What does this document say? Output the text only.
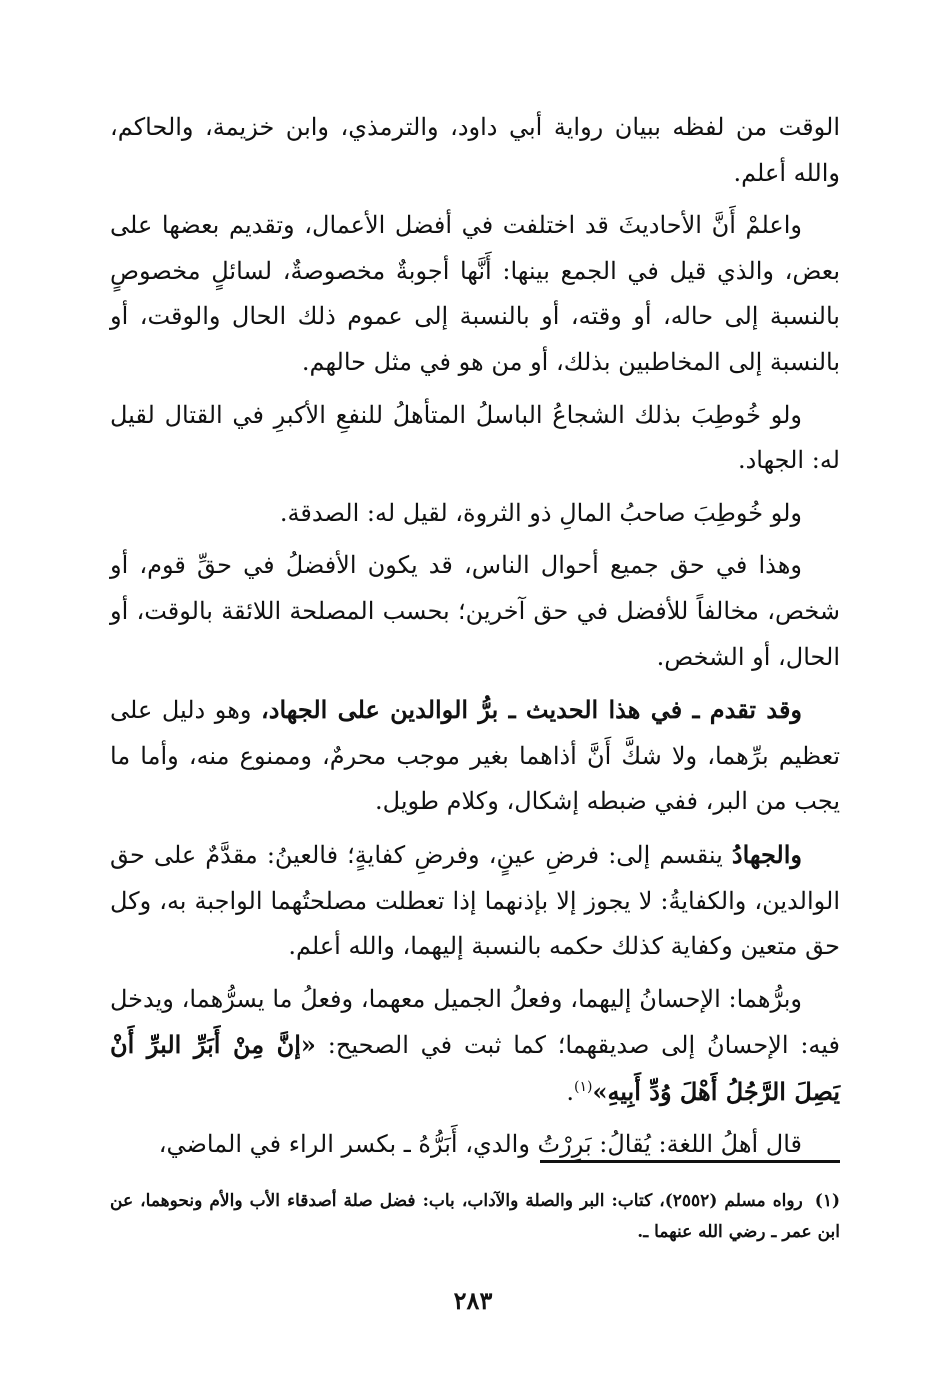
الوقت من لفظه ببيان رواية أبي داود، والترمذي، وابن خزيمة، والحاكم، والله أعلم.

واعلمْ أَنَّ الأحاديثَ قد اختلفت في أفضل الأعمال، وتقديم بعضها على بعض، والذي قيل في الجمع بينها: أَنَّها أجوبةٌ مخصوصةٌ، لسائلٍ مخصوصٍ بالنسبة إلى حاله، أو وقته، أو بالنسبة إلى عموم ذلك الحال والوقت، أو بالنسبة إلى المخاطبين بذلك، أو من هو في مثل حالهم.

ولو خُوطِبَ بذلك الشجاعُ الباسلُ المتأهلُ للنفعِ الأكبرِ في القتال لقيل له: الجهاد.

ولو خُوطِبَ صاحبُ المالِ ذو الثروة، لقيل له: الصدقة.

وهذا في حق جميع أحوال الناس، قد يكون الأفضلُ في حقِّ قوم، أو شخص، مخالفاً للأفضل في حق آخرين؛ بحسب المصلحة اللائقة بالوقت، أو الحال، أو الشخص.

وقد تقدم ـ في هذا الحديث ـ برُّ الوالدين على الجهاد، وهو دليل على تعظيم برِّهما، ولا شكَّ أَنَّ أذاهما بغير موجب محرمٌ، وممنوع منه، وأما ما يجب من البر، ففي ضبطه إشكال، وكلام طويل.

والجهادُ ينقسم إلى: فرضِ عينٍ، وفرضِ كفايةٍ؛ فالعينُ: مقدَّمٌ على حق الوالدين، والكفايةُ: لا يجوز إلا بإذنهما إذا تعطلت مصلحتُهما الواجبة به، وكل حق متعين وكفاية كذلك حكمه بالنسبة إليهما، والله أعلم.

وبرُّهما: الإحسانُ إليهما، وفعلُ الجميل معهما، وفعلُ ما يسرُّهما، ويدخل فيه: الإحسانُ إلى صديقهما؛ كما ثبت في الصحيح: «إنَّ مِنْ أَبَرِّ البرِّ أَنْ يَصِلَ الرَّجُلُ أَهْلَ وُدِّ أَبِيهِ»$^{(١)}$.

قال أهلُ اللغة: يُقالُ: بَرِرْتُ والدي، أَبَرُّهُ ـ بكسر الراء في الماضي،

(١)رواه مسلم (٢٥٥٢)، كتاب: البر والصلة والآداب، باب: فضل صلة أصدقاء الأب والأم ونحوهما، عن ابن عمر ـ رضي الله عنهما ـ.
٢٨٣
